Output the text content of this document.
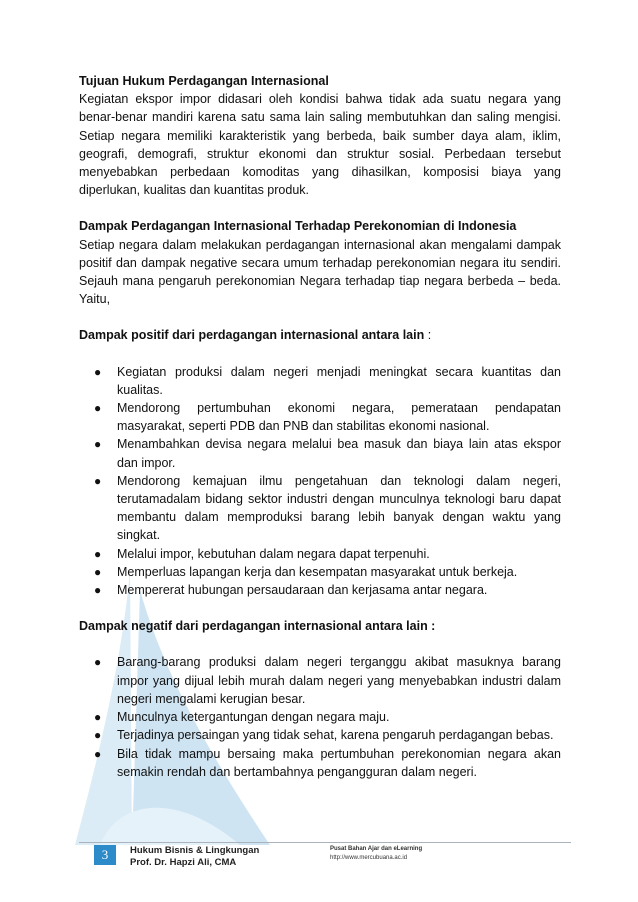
Tujuan Hukum Perdagangan Internasional

Kegiatan ekspor impor didasari oleh kondisi bahwa tidak ada suatu negara yang benar-benar mandiri karena satu sama lain saling membutuhkan dan saling mengisi. Setiap negara memiliki karakteristik yang berbeda, baik sumber daya alam, iklim, geografi, demografi, struktur ekonomi dan struktur sosial. Perbedaan tersebut menyebabkan perbedaan komoditas yang dihasilkan, komposisi biaya yang diperlukan, kualitas dan kuantitas produk.

Dampak Perdagangan Internasional Terhadap Perekonomian di Indonesia

Setiap negara dalam melakukan perdagangan internasional akan mengalami dampak positif dan dampak negative secara umum terhadap perekonomian negara itu sendiri. Sejauh mana pengaruh perekonomian Negara terhadap tiap negara berbeda – beda. Yaitu,

Dampak positif dari perdagangan internasional antara lain :

● Kegiatan produksi dalam negeri menjadi meningkat secara kuantitas dan kualitas.
● Mendorong pertumbuhan ekonomi negara, pemerataan pendapatan masyarakat, seperti PDB dan PNB dan stabilitas ekonomi nasional.
● Menambahkan devisa negara melalui bea masuk dan biaya lain atas ekspor dan impor.
● Mendorong kemajuan ilmu pengetahuan dan teknologi dalam negeri, terutamadalam bidang sektor industri dengan munculnya teknologi baru dapat membantu dalam memproduksi barang lebih banyak dengan waktu yang singkat.
● Melalui impor, kebutuhan dalam negara dapat terpenuhi.
● Memperluas lapangan kerja dan kesempatan masyarakat untuk berkeja.
● Mempererat hubungan persaudaraan dan kerjasama antar negara.

Dampak negatif dari perdagangan internasional antara lain :

● Barang-barang produksi dalam negeri terganggu akibat masuknya barang impor yang dijual lebih murah dalam negeri yang menyebabkan industri dalam negeri mengalami kerugian besar.
● Munculnya ketergantungan dengan negara maju.
● Terjadinya persaingan yang tidak sehat, karena pengaruh perdagangan bebas.
● Bila tidak mampu bersaing maka pertumbuhan perekonomian negara akan semakin rendah dan bertambahnya pengangguran dalam negeri.
3	Hukum Bisnis & Lingkungan
Prof. Dr. Hapzi Ali, CMA
Pusat Bahan Ajar dan eLearning
http://www.mercubuana.ac.id
